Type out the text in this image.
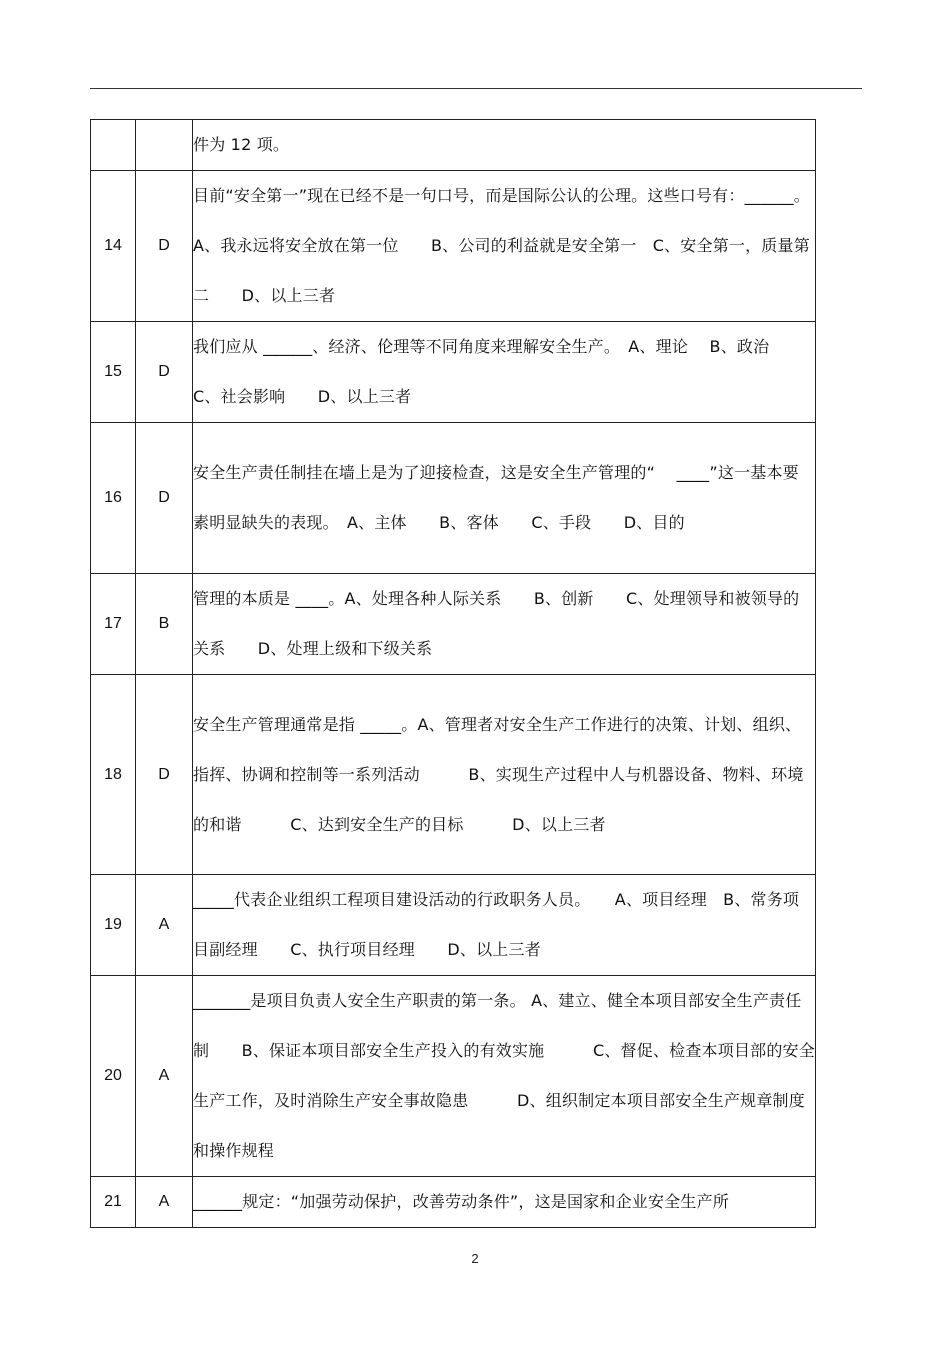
		件为 12 项。
14	D	目前“安全第一”现在已经不是一句口号，而是国际公认的公理。这些口号有：______。A、我永远将安全放在第一位　　B、公司的利益就是安全第一　C、安全第一，质量第二　　D、以上三者
15	D	我们应从 ______、经济、伦理等不同角度来理解安全生产。　A、理论　 B、政治　 C、社会影响　　D、以上三者
16	D	安全生产责任制挂在墙上是为了迎接检查，这是安全生产管理的“　 ____”这一基本要素明显缺失的表现。　A、主体　　B、客体　　C、手段　　D、目的
17	B	管理的本质是 ____。A、处理各种人际关系　　B、创新　　C、处理领导和被领导的关系　　D、处理上级和下级关系
18	D	安全生产管理通常是指 _____。A、管理者对安全生产工作进行的决策、计划、组织、指挥、协调和控制等一系列活动　　　B、实现生产过程中人与机器设备、物料、环境的和谐　　　C、达到安全生产的目标　　　D、以上三者
19	A	_____代表企业组织工程项目建设活动的行政职务人员。　　A、项目经理　B、常务项目副经理　　C、执行项目经理　　D、以上三者
20	A	_______是项目负责人安全生产职责的第一条。 A、建立、健全本项目部安全生产责任制　　B、保证本项目部安全生产投入的有效实施　　　C、督促、检查本项目部的安全生产工作，及时消除生产安全事故隐患　　　D、组织制定本项目部安全生产规章制度和操作规程
21	A	______规定：“加强劳动保护，改善劳动条件”，这是国家和企业安全生产所
2
